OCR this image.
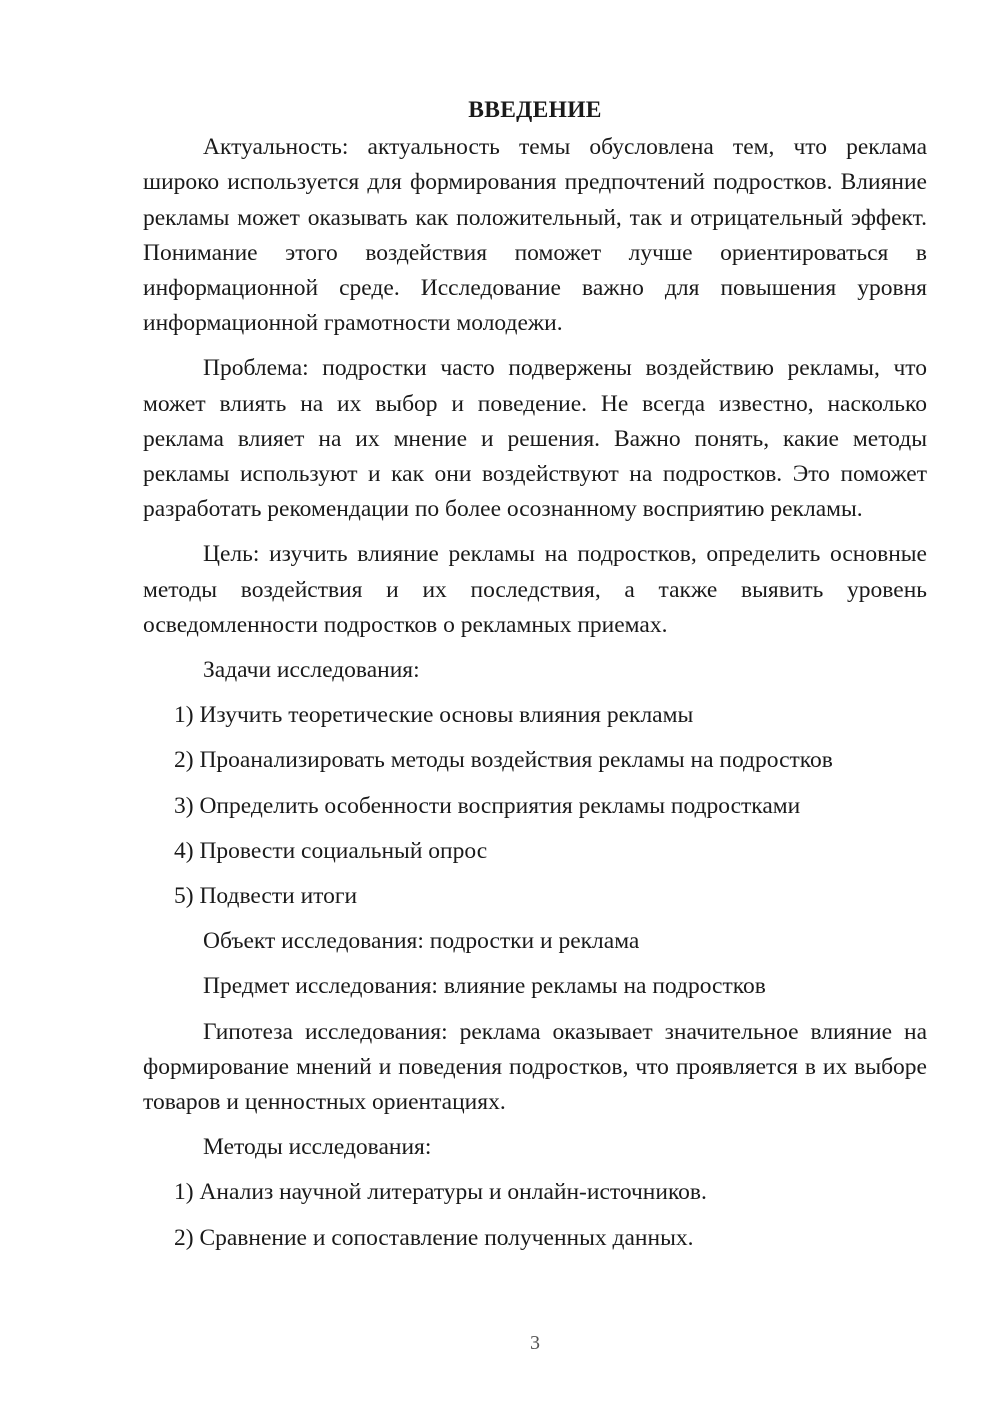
ВВЕДЕНИЕ

Актуальность: актуальность темы обусловлена тем, что реклама широко используется для формирования предпочтений подростков. Влияние рекламы может оказывать как положительный, так и отрицательный эффект. Понимание этого воздействия поможет лучше ориентироваться в информационной среде. Исследование важно для повышения уровня информационной грамотности молодежи.

Проблема: подростки часто подвержены воздействию рекламы, что может влиять на их выбор и поведение. Не всегда известно, насколько реклама влияет на их мнение и решения. Важно понять, какие методы рекламы используют и как они воздействуют на подростков. Это поможет разработать рекомендации по более осознанному восприятию рекламы.

Цель: изучить влияние рекламы на подростков, определить основные методы воздействия и их последствия, а также выявить уровень осведомленности подростков о рекламных приемах.

Задачи исследования:
1) Изучить теоретические основы влияния рекламы
2) Проанализировать методы воздействия рекламы на подростков
3) Определить особенности восприятия рекламы подростками
4) Провести социальный опрос
5) Подвести итоги
Объект исследования: подростки и реклама
Предмет исследования: влияние рекламы на подростков

Гипотеза исследования: реклама оказывает значительное влияние на формирование мнений и поведения подростков, что проявляется в их выборе товаров и ценностных ориентациях.

Методы исследования:
1) Анализ научной литературы и онлайн-источников.
2) Сравнение и сопоставление полученных данных.
3
